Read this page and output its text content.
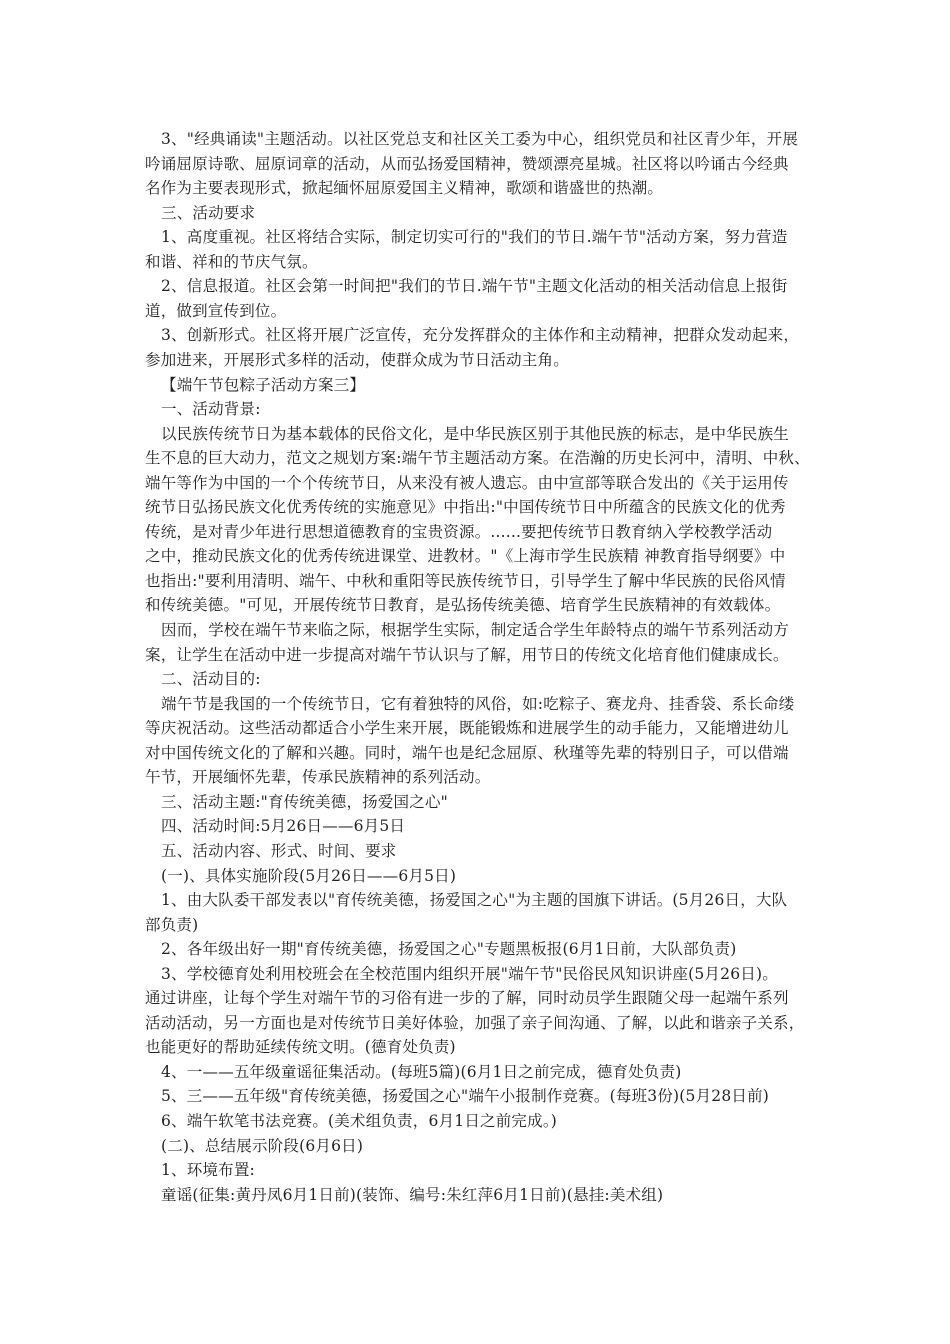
3、"经典诵读"主题活动。以社区党总支和社区关工委为中心，组织党员和社区青少年，开展
吟诵屈原诗歌、屈原词章的活动，从而弘扬爱国精神，赞颂漂亮星城。社区将以吟诵古今经典
名作为主要表现形式，掀起缅怀屈原爱国主义精神，歌颂和谐盛世的热潮。
三、活动要求
1、高度重视。社区将结合实际，制定切实可行的"我们的节日.端午节"活动方案，努力营造
和谐、祥和的节庆气氛。
2、信息报道。社区会第一时间把"我们的节日.端午节"主题文化活动的相关活动信息上报街
道，做到宣传到位。
3、创新形式。社区将开展广泛宣传，充分发挥群众的主体作和主动精神，把群众发动起来，
参加进来，开展形式多样的活动，使群众成为节日活动主角。
【端午节包粽子活动方案三】
一、活动背景:
以民族传统节日为基本载体的民俗文化，是中华民族区别于其他民族的标志，是中华民族生
生不息的巨大动力，范文之规划方案:端午节主题活动方案。在浩瀚的历史长河中，清明、中秋、
端午等作为中国的一个个传统节日，从来没有被人遗忘。由中宣部等联合发出的《关于运用传
统节日弘扬民族文化优秀传统的实施意见》中指出:"中国传统节日中所蕴含的民族文化的优秀
传统，是对青少年进行思想道德教育的宝贵资源。......要把传统节日教育纳入学校教学活动
之中，推动民族文化的优秀传统进课堂、进教材。"《上海市学生民族精 神教育指导纲要》中
也指出:"要利用清明、端午、中秋和重阳等民族传统节日，引导学生了解中华民族的民俗风情
和传统美德。"可见，开展传统节日教育，是弘扬传统美德、培育学生民族精神的有效载体。
因而，学校在端午节来临之际，根据学生实际，制定适合学生年龄特点的端午节系列活动方
案，让学生在活动中进一步提高对端午节认识与了解，用节日的传统文化培育他们健康成长。
二、活动目的:
端午节是我国的一个传统节日，它有着独特的风俗，如:吃粽子、赛龙舟、挂香袋、系长命缕
等庆祝活动。这些活动都适合小学生来开展，既能锻炼和进展学生的动手能力，又能增进幼儿
对中国传统文化的了解和兴趣。同时，端午也是纪念屈原、秋瑾等先辈的特别日子，可以借端
午节，开展缅怀先辈，传承民族精神的系列活动。
三、活动主题:"育传统美德，扬爱国之心"
四、活动时间:5月26日——6月5日
五、活动内容、形式、时间、要求
(一)、具体实施阶段(5月26日——6月5日)
1、由大队委干部发表以"育传统美德，扬爱国之心"为主题的国旗下讲话。(5月26日，大队
部负责)
2、各年级出好一期"育传统美德，扬爱国之心"专题黑板报(6月1日前，大队部负责)
3、学校德育处利用校班会在全校范围内组织开展"端午节"民俗民风知识讲座(5月26日)。
通过讲座，让每个学生对端午节的习俗有进一步的了解，同时动员学生跟随父母一起端午系列
活动活动，另一方面也是对传统节日美好体验，加强了亲子间沟通、了解，以此和谐亲子关系，
也能更好的帮助延续传统文明。(德育处负责)
4、一——五年级童谣征集活动。(每班5篇)(6月1日之前完成，德育处负责)
5、三——五年级"育传统美德，扬爱国之心"端午小报制作竞赛。(每班3份)(5月28日前)
6、端午软笔书法竞赛。(美术组负责，6月1日之前完成。)
(二)、总结展示阶段(6月6日)
1、环境布置:
童谣(征集:黄丹凤6月1日前)(装饰、编号:朱红萍6月1日前)(悬挂:美术组)
